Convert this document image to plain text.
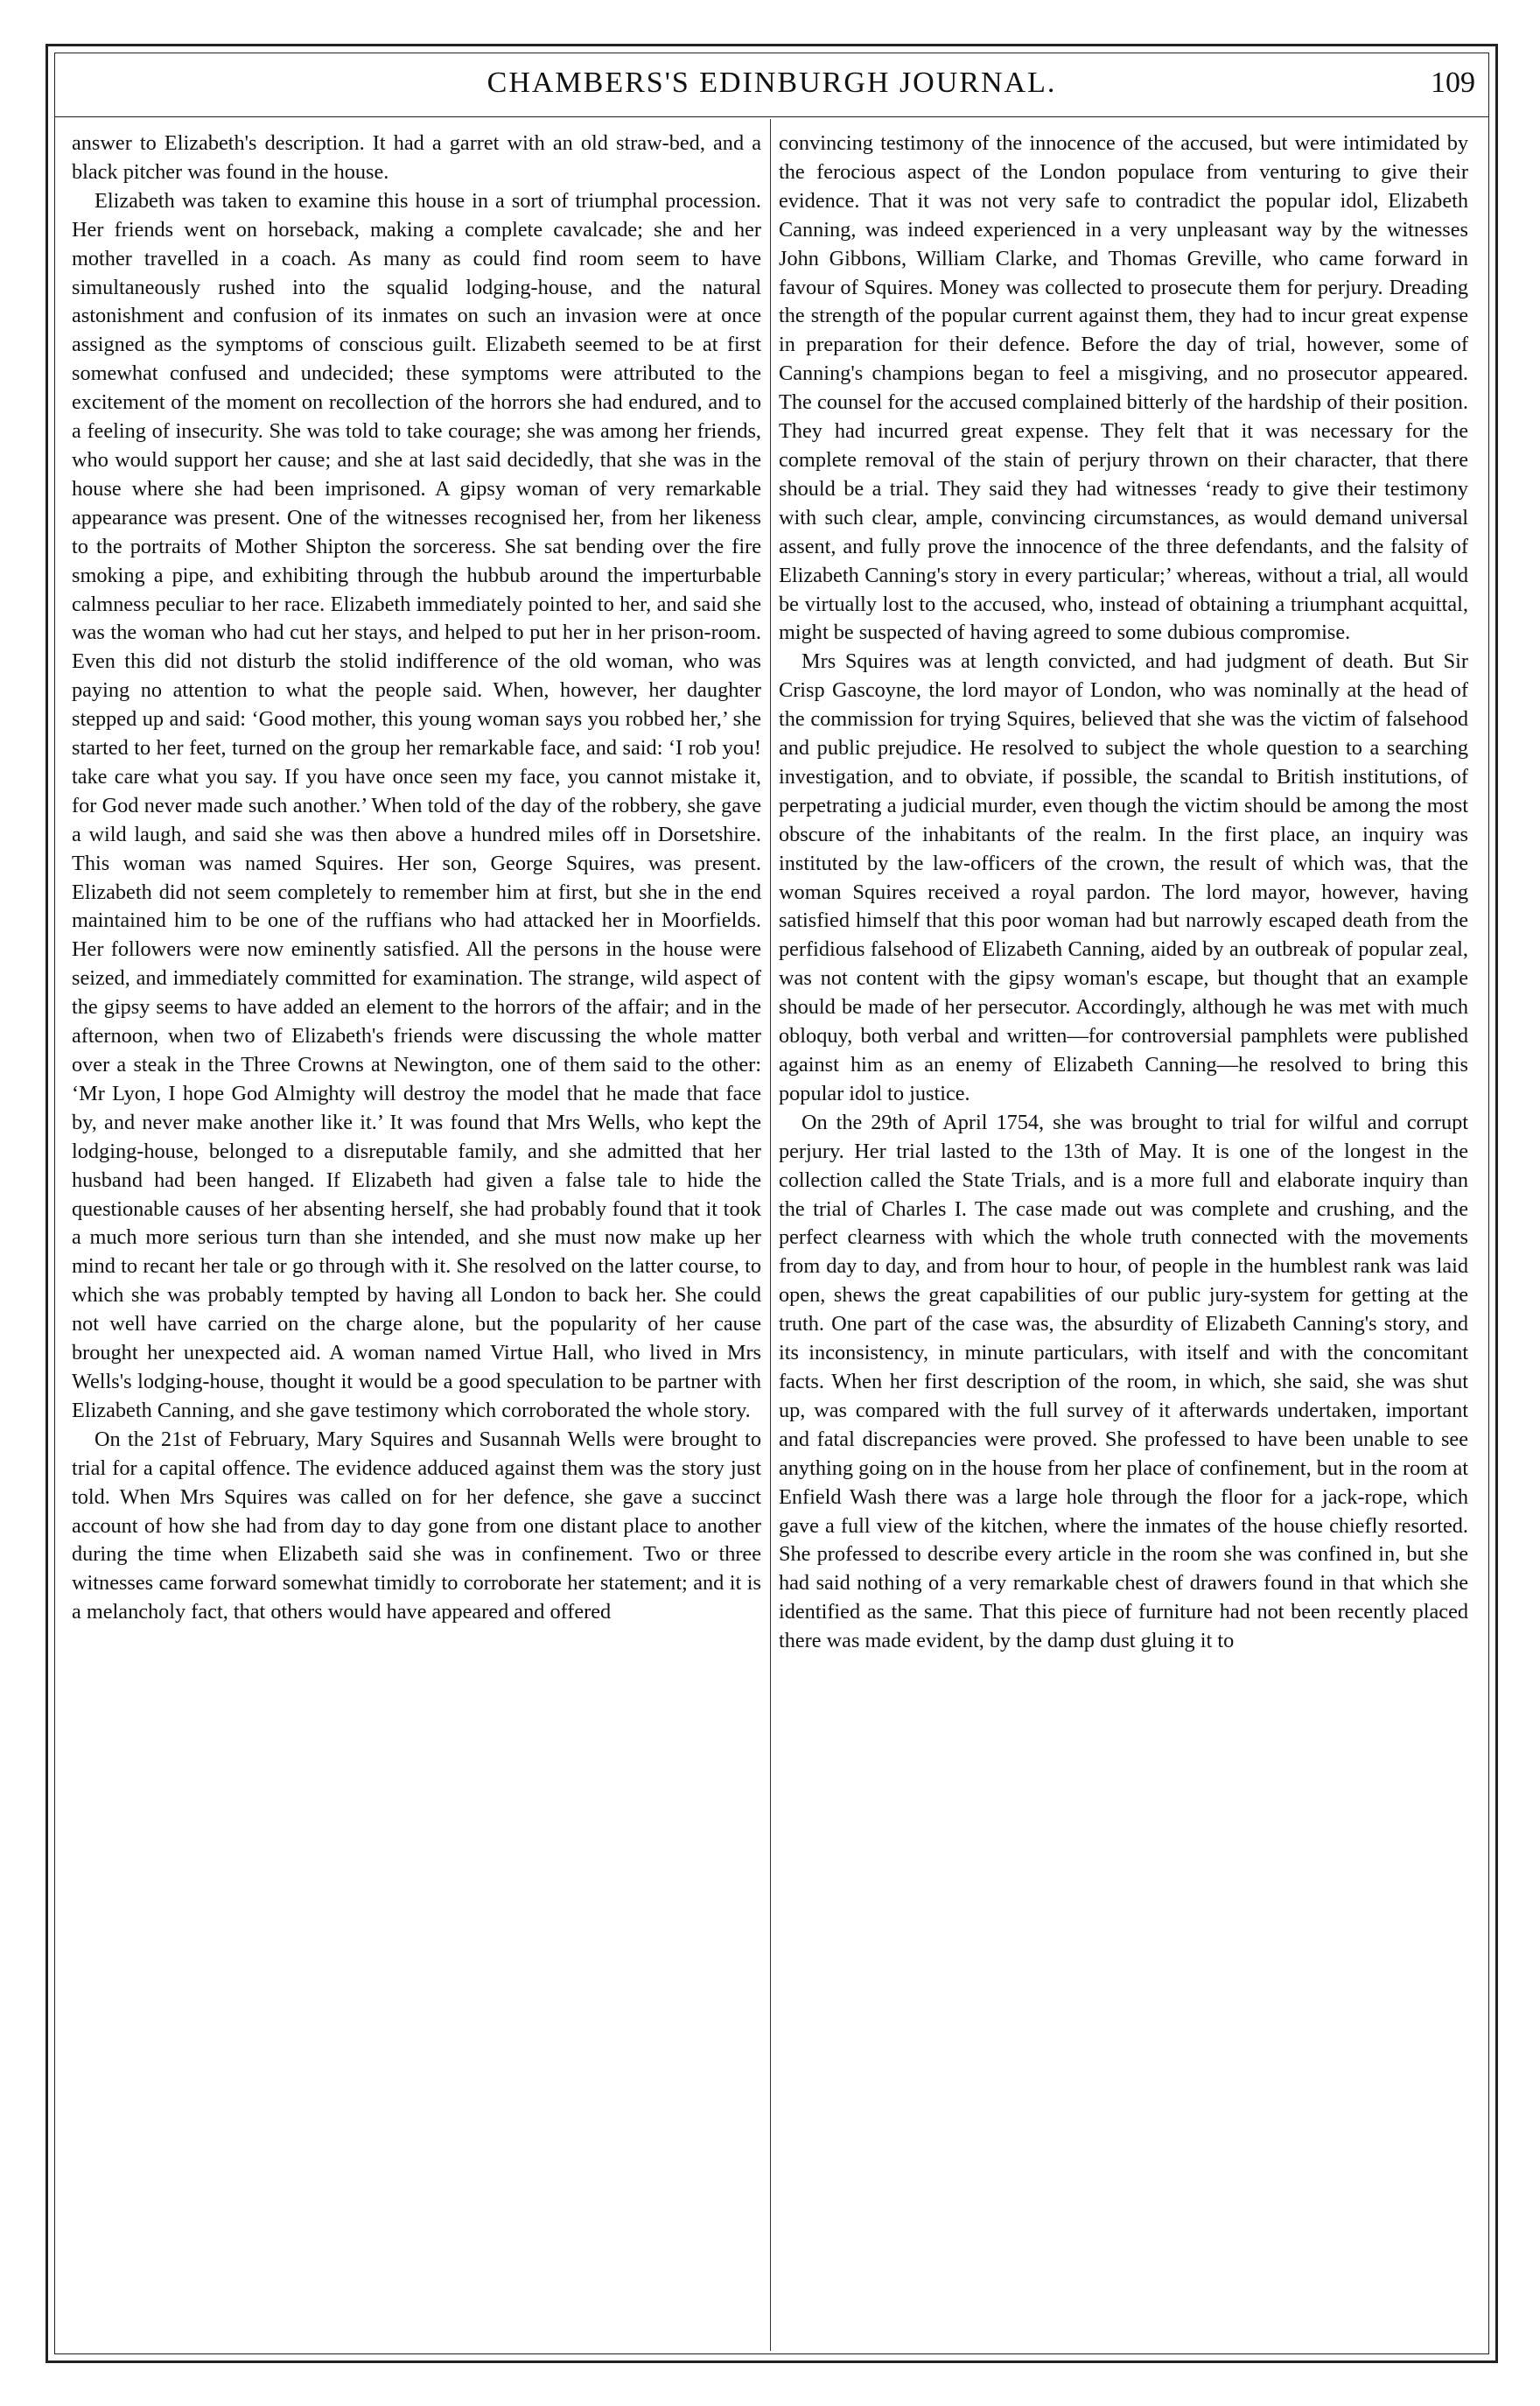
CHAMBERS'S EDINBURGH JOURNAL.	109

answer to Elizabeth's description. It had a garret with an old straw-bed, and a black pitcher was found in the house.

Elizabeth was taken to examine this house in a sort of triumphal procession. Her friends went on horseback, making a complete cavalcade; she and her mother travelled in a coach. As many as could find room seem to have simultaneously rushed into the squalid lodging-house, and the natural astonishment and confusion of its inmates on such an invasion were at once assigned as the symptoms of conscious guilt. Elizabeth seemed to be at first somewhat confused and undecided; these symptoms were attributed to the excitement of the moment on recollection of the horrors she had endured, and to a feeling of insecurity. She was told to take courage; she was among her friends, who would support her cause; and she at last said decidedly, that she was in the house where she had been imprisoned. A gipsy woman of very remarkable appearance was present. One of the witnesses recognised her, from her likeness to the portraits of Mother Shipton the sorceress. She sat bending over the fire smoking a pipe, and exhibiting through the hubbub around the imperturbable calmness peculiar to her race. Elizabeth immediately pointed to her, and said she was the woman who had cut her stays, and helped to put her in her prison-room. Even this did not disturb the stolid indifference of the old woman, who was paying no attention to what the people said. When, however, her daughter stepped up and said: ‘Good mother, this young woman says you robbed her,’ she started to her feet, turned on the group her remarkable face, and said: ‘I rob you! take care what you say. If you have once seen my face, you cannot mistake it, for God never made such another.’ When told of the day of the robbery, she gave a wild laugh, and said she was then above a hundred miles off in Dorsetshire. This woman was named Squires. Her son, George Squires, was present. Elizabeth did not seem completely to remember him at first, but she in the end maintained him to be one of the ruffians who had attacked her in Moorfields. Her followers were now eminently satisfied. All the persons in the house were seized, and immediately committed for examination. The strange, wild aspect of the gipsy seems to have added an element to the horrors of the affair; and in the afternoon, when two of Elizabeth's friends were discussing the whole matter over a steak in the Three Crowns at Newington, one of them said to the other: ‘Mr Lyon, I hope God Almighty will destroy the model that he made that face by, and never make another like it.’ It was found that Mrs Wells, who kept the lodging-house, belonged to a disreputable family, and she admitted that her husband had been hanged. If Elizabeth had given a false tale to hide the questionable causes of her absenting herself, she had probably found that it took a much more serious turn than she intended, and she must now make up her mind to recant her tale or go through with it. She resolved on the latter course, to which she was probably tempted by having all London to back her. She could not well have carried on the charge alone, but the popularity of her cause brought her unexpected aid. A woman named Virtue Hall, who lived in Mrs Wells's lodging-house, thought it would be a good speculation to be partner with Elizabeth Canning, and she gave testimony which corroborated the whole story.

On the 21st of February, Mary Squires and Susannah Wells were brought to trial for a capital offence. The evidence adduced against them was the story just told. When Mrs Squires was called on for her defence, she gave a succinct account of how she had from day to day gone from one distant place to another during the time when Elizabeth said she was in confinement. Two or three witnesses came forward somewhat timidly to corroborate her statement; and it is a melancholy fact, that others would have appeared and offered

convincing testimony of the innocence of the accused, but were intimidated by the ferocious aspect of the London populace from venturing to give their evidence. That it was not very safe to contradict the popular idol, Elizabeth Canning, was indeed experienced in a very unpleasant way by the witnesses John Gibbons, William Clarke, and Thomas Greville, who came forward in favour of Squires. Money was collected to prosecute them for perjury. Dreading the strength of the popular current against them, they had to incur great expense in preparation for their defence. Before the day of trial, however, some of Canning's champions began to feel a misgiving, and no prosecutor appeared. The counsel for the accused complained bitterly of the hardship of their position. They had incurred great expense. They felt that it was necessary for the complete removal of the stain of perjury thrown on their character, that there should be a trial. They said they had witnesses ‘ready to give their testimony with such clear, ample, convincing circumstances, as would demand universal assent, and fully prove the innocence of the three defendants, and the falsity of Elizabeth Canning's story in every particular;’ whereas, without a trial, all would be virtually lost to the accused, who, instead of obtaining a triumphant acquittal, might be suspected of having agreed to some dubious compromise.

Mrs Squires was at length convicted, and had judgment of death. But Sir Crisp Gascoyne, the lord mayor of London, who was nominally at the head of the commission for trying Squires, believed that she was the victim of falsehood and public prejudice. He resolved to subject the whole question to a searching investigation, and to obviate, if possible, the scandal to British institutions, of perpetrating a judicial murder, even though the victim should be among the most obscure of the inhabitants of the realm. In the first place, an inquiry was instituted by the law-officers of the crown, the result of which was, that the woman Squires received a royal pardon. The lord mayor, however, having satisfied himself that this poor woman had but narrowly escaped death from the perfidious falsehood of Elizabeth Canning, aided by an outbreak of popular zeal, was not content with the gipsy woman's escape, but thought that an example should be made of her persecutor. Accordingly, although he was met with much obloquy, both verbal and written—for controversial pamphlets were published against him as an enemy of Elizabeth Canning—he resolved to bring this popular idol to justice.

On the 29th of April 1754, she was brought to trial for wilful and corrupt perjury. Her trial lasted to the 13th of May. It is one of the longest in the collection called the State Trials, and is a more full and elaborate inquiry than the trial of Charles I. The case made out was complete and crushing, and the perfect clearness with which the whole truth connected with the movements from day to day, and from hour to hour, of people in the humblest rank was laid open, shews the great capabilities of our public jury-system for getting at the truth. One part of the case was, the absurdity of Elizabeth Canning's story, and its inconsistency, in minute particulars, with itself and with the concomitant facts. When her first description of the room, in which, she said, she was shut up, was compared with the full survey of it afterwards undertaken, important and fatal discrepancies were proved. She professed to have been unable to see anything going on in the house from her place of confinement, but in the room at Enfield Wash there was a large hole through the floor for a jack-rope, which gave a full view of the kitchen, where the inmates of the house chiefly resorted. She professed to describe every article in the room she was confined in, but she had said nothing of a very remarkable chest of drawers found in that which she identified as the same. That this piece of furniture had not been recently placed there was made evident, by the damp dust gluing it to
